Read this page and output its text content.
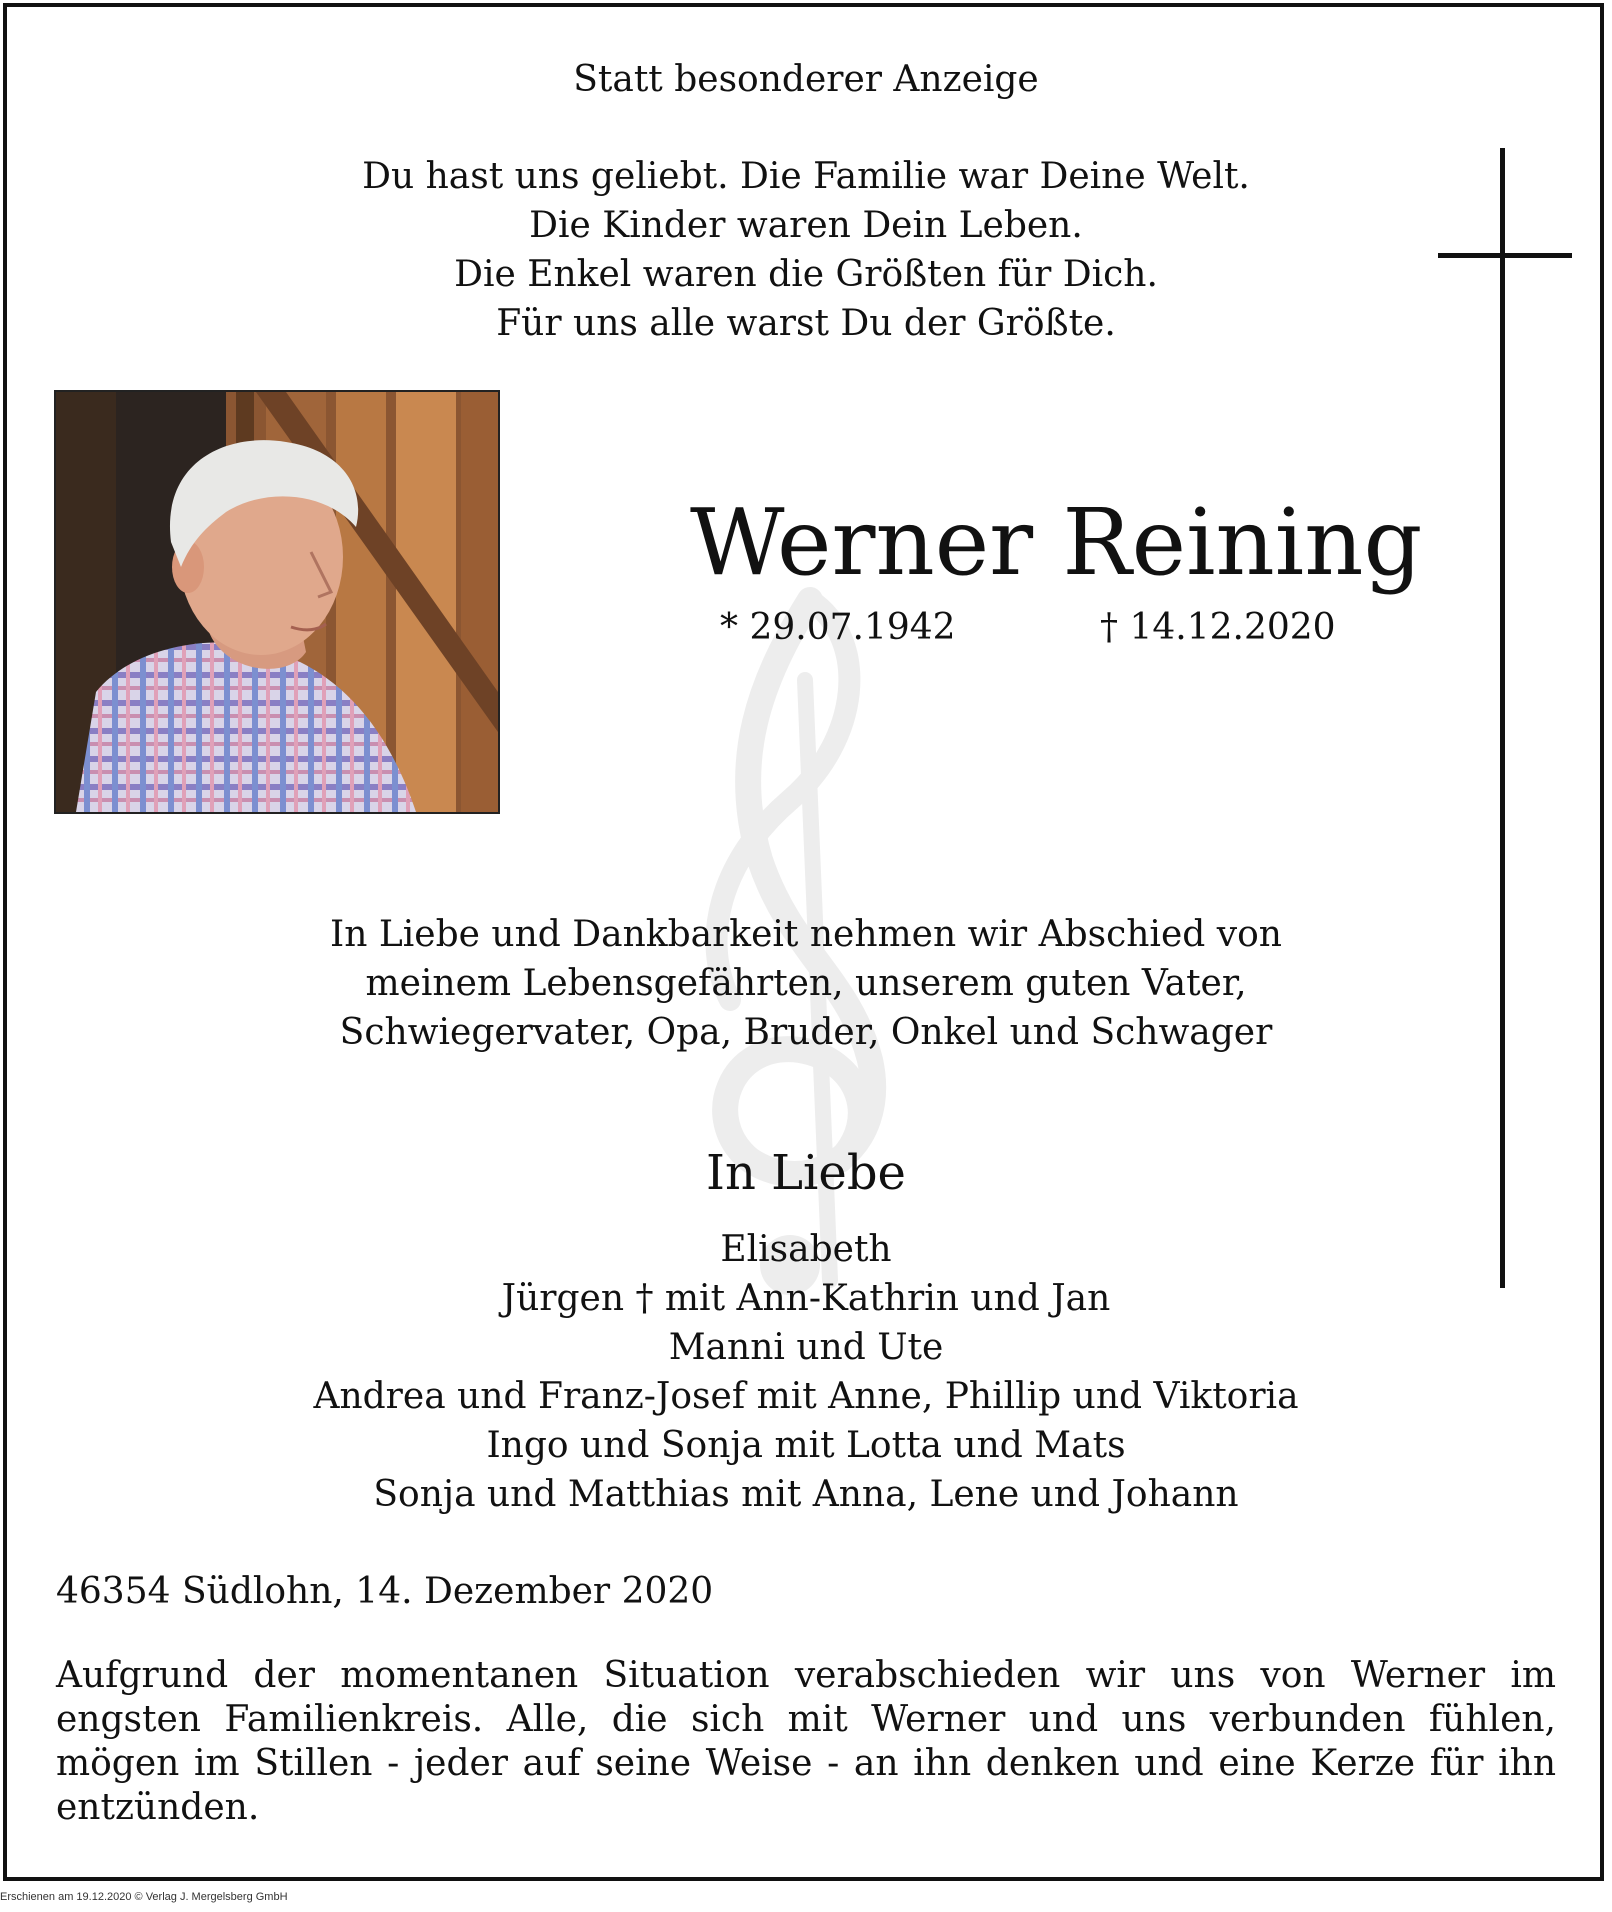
Statt besonderer Anzeige
Du hast uns geliebt. Die Familie war Deine Welt.
Die Kinder waren Dein Leben.
Die Enkel waren die Größten für Dich.
Für uns alle warst Du der Größte.
Werner Reining
* 29.07.1942	† 14.12.2020
In Liebe und Dankbarkeit nehmen wir Abschied von
meinem Lebensgefährten, unserem guten Vater,
Schwiegervater, Opa, Bruder, Onkel und Schwager
In Liebe
Elisabeth
Jürgen † mit Ann-Kathrin und Jan
Manni und Ute
Andrea und Franz-Josef mit Anne, Phillip und Viktoria
Ingo und Sonja mit Lotta und Mats
Sonja und Matthias mit Anna, Lene und Johann
46354 Südlohn, 14. Dezember 2020
Aufgrund der momentanen Situation verabschieden wir uns von Werner im engsten Familienkreis. Alle, die sich mit Werner und uns verbunden fühlen, mögen im Stillen - jeder auf seine Weise - an ihn denken und eine Kerze für ihn entzünden.
Erschienen am 19.12.2020 © Verlag J. Mergelsberg GmbH
